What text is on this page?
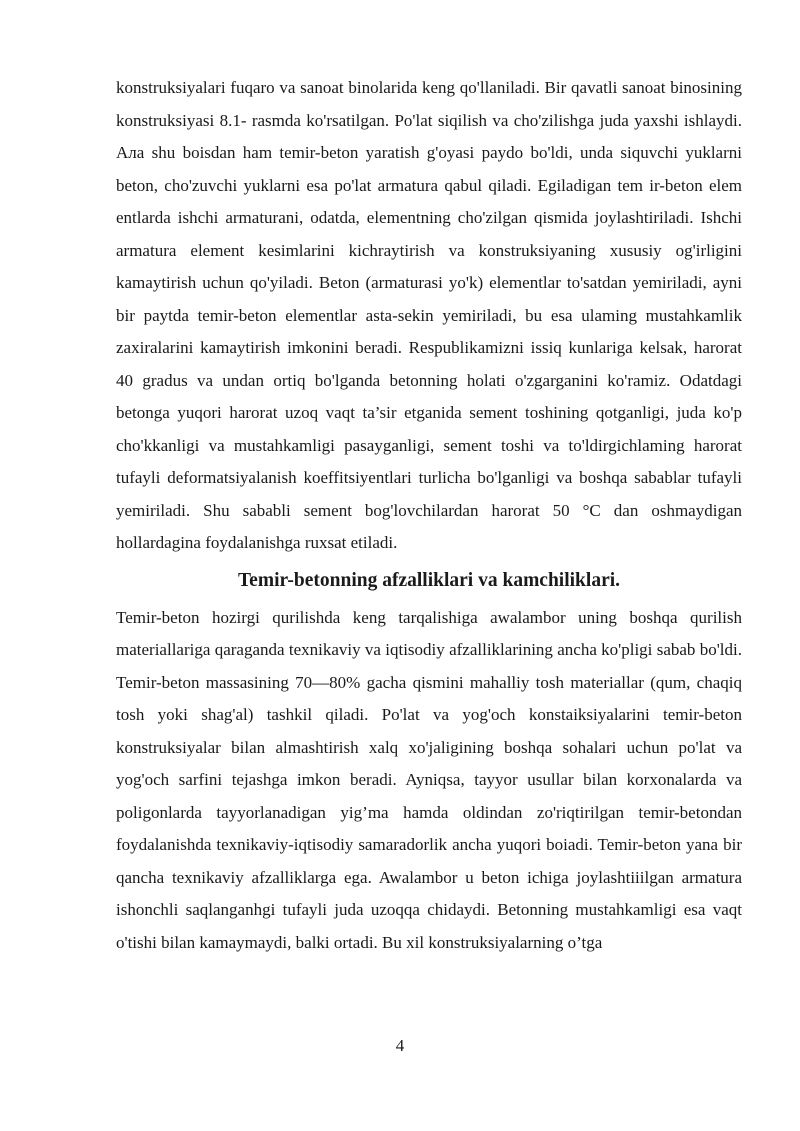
konstruksiyalari fuqaro va sanoat binolarida keng qo'llaniladi. Bir qavatli sanoat binosining konstruksiyasi 8.1- rasmda ko'rsatilgan. Po'lat siqilish va cho'zilishga juda yaxshi ishlaydi. Ала shu boisdan ham temir-beton yaratish g'oyasi paydo bo'ldi, unda siquvchi yuklarni beton, cho'zuvchi yuklarni esa po'lat armatura qabul qiladi. Egiladigan tem ir-beton elem entlarda ishchi armaturani, odatda, elementning cho'zilgan qismida joylashtiriladi. Ishchi armatura element kesimlarini kichraytirish va konstruksiyaning xususiy og'irligini kamaytirish uchun qo'yiladi. Beton (armaturasi yo'k) elementlar to'satdan yemiriladi, ayni bir paytda temir-beton elementlar asta-sekin yemiriladi, bu esa ulaming mustahkamlik zaxiralarini kamaytirish imkonini beradi. Respublikamizni issiq kunlariga kelsak, harorat 40 gradus va undan ortiq bo'lganda betonning holati o'zgarganini ko'ramiz. Odatdagi betonga yuqori harorat uzoq vaqt ta’sir etganida sement toshining qotganligi, juda ko'p cho'kkanligi va mustahkamligi pasayganligi, sement toshi va to'ldirgichlaming harorat tufayli deformatsiyalanish koeffitsiyentlari turlicha bo'lganligi va boshqa sabablar tufayli yemiriladi. Shu sababli sement bog'lovchilardan harorat 50 °C dan oshmaydigan hollardagina foydalanishga ruxsat etiladi.

Temir-betonning afzalliklari va kamchiliklari.

Temir-beton hozirgi qurilishda keng tarqalishiga awalambor uning boshqa qurilish materiallariga qaraganda texnikaviy va iqtisodiy afzalliklarining ancha ko'pligi sabab bo'ldi. Temir-beton massasining 70—80% gacha qismini mahalliy tosh materiallar (qum, chaqiq tosh yoki shag'al) tashkil qiladi. Po'lat va yog'och konstaiksiyalarini temir-beton konstruksiyalar bilan almashtirish xalq xo'jaligining boshqa sohalari uchun po'lat va yog'och sarfini tejashga imkon beradi. Ayniqsa, tayyor usullar bilan korxonalarda va poligonlarda tayyorlanadigan yig’ma hamda oldindan zo'riqtirilgan temir-betondan foydalanishda texnikaviy-iqtisodiy samaradorlik ancha yuqori boiadi. Temir-beton yana bir qancha texnikaviy afzalliklarga ega. Awalambor u beton ichiga joylashtiiilgan armatura ishonchli saqlanganhgi tufayli juda uzoqqa chidaydi. Betonning mustahkamligi esa vaqt o'tishi bilan kamaymaydi, balki ortadi. Bu xil konstruksiyalarning o’tga

4
